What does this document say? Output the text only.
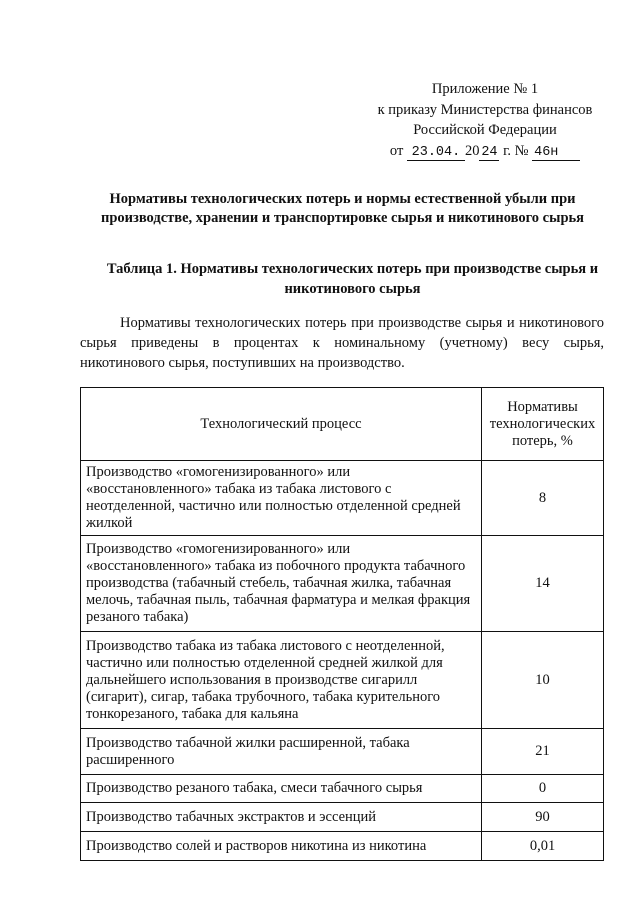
Приложение № 1
к приказу Министерства финансов
Российской Федерации
от 23.04. 20 24 г. № 46н
Нормативы технологических потерь и нормы естественной убыли при производстве, хранении и транспортировке сырья и никотинового сырья
Таблица 1. Нормативы технологических потерь при производстве сырья и никотинового сырья
Нормативы технологических потерь при производстве сырья и никотинового сырья приведены в процентах к номинальному (учетному) весу сырья, никотинового сырья, поступивших на производство.
Технологический процесс	Нормативы технологических потерь, %
Производство «гомогенизированного» или «восстановленного» табака из табака листового с неотделенной, частично или полностью отделенной средней жилкой	8
Производство «гомогенизированного» или «восстановленного» табака из побочного продукта табачного производства (табачный стебель, табачная жилка, табачная мелочь, табачная пыль, табачная фарматура и мелкая фракция резаного табака)	14
Производство табака из табака листового с неотделенной, частично или полностью отделенной средней жилкой для дальнейшего использования в производстве сигарилл (сигарит), сигар, табака трубочного, табака курительного тонкорезаного, табака для кальяна	10
Производство табачной жилки расширенной, табака расширенного	21
Производство резаного табака, смеси табачного сырья	0
Производство табачных экстрактов и эссенций	90
Производство солей и растворов никотина из никотина	0,01
